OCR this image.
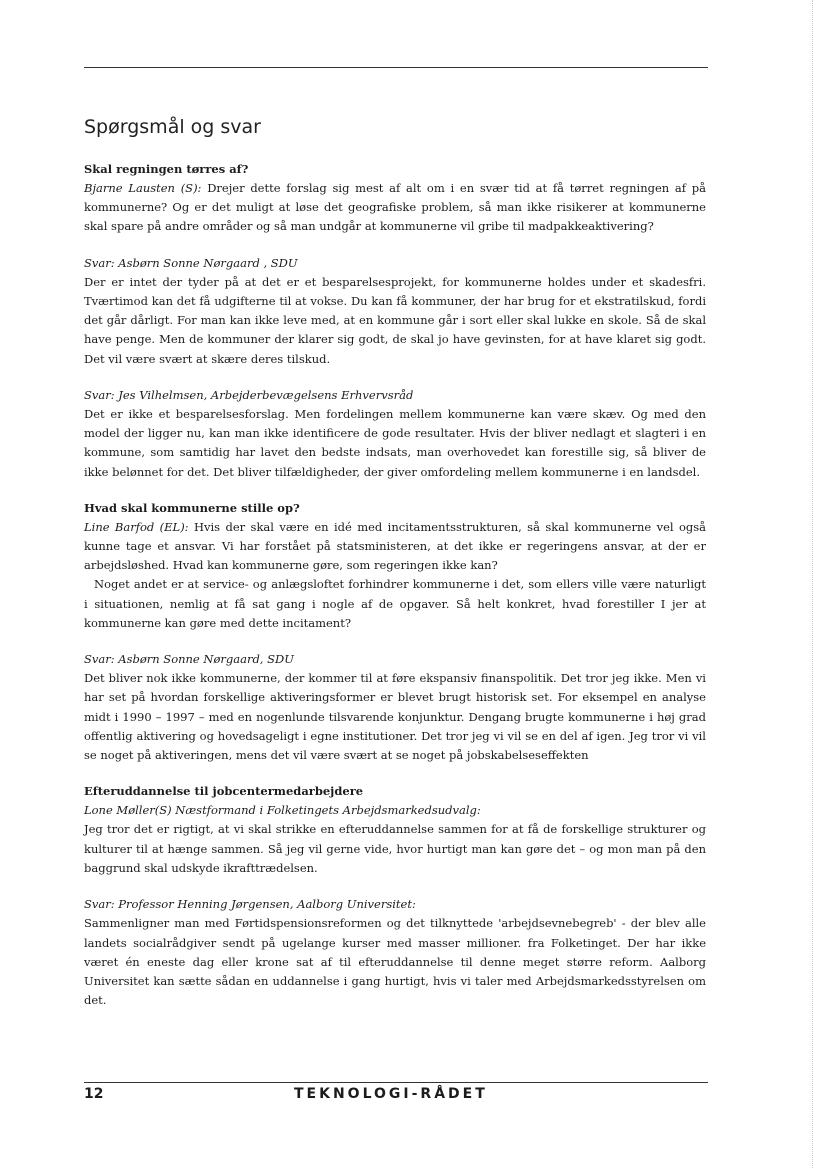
Spørgsmål og svar

Skal regningen tørres af?

Bjarne Lausten (S): Drejer dette forslag sig mest af alt om i en svær tid at få tørret regningen af på kommunerne? Og er det muligt at løse det geografiske problem, så man ikke risikerer at kommunerne skal spare på andre områder og så man undgår at kommunerne vil gribe til madpakkeaktivering?

Svar: Asbørn Sonne Nørgaard , SDU

Der er intet der tyder på at det er et besparelsesprojekt, for kommunerne holdes under et skadesfri. Tværtimod kan det få udgifterne til at vokse. Du kan få kommuner, der har brug for et ekstratilskud, fordi det går dårligt. For man kan ikke leve med, at en kommune går i sort eller skal lukke en skole. Så de skal have penge. Men de kommuner der klarer sig godt, de skal jo have gevinsten, for at have klaret sig godt. Det vil være svært at skære deres tilskud.

Svar: Jes Vilhelmsen, Arbejderbevægelsens Erhvervsråd

Det er ikke et besparelsesforslag. Men fordelingen mellem kommunerne kan være skæv. Og med den model der ligger nu, kan man ikke identificere de gode resultater. Hvis der bliver nedlagt et slagteri i en kommune, som samtidig har lavet den bedste indsats, man overhovedet kan forestille sig, så bliver de ikke belønnet for det. Det bliver tilfældigheder, der giver omfordeling mellem kommunerne i en landsdel.

Hvad skal kommunerne stille op?

Line Barfod (EL): Hvis der skal være en idé med incitamentsstrukturen, så skal kommunerne vel også kunne tage et ansvar. Vi har forstået på statsministeren, at det ikke er regeringens ansvar, at der er arbejdsløshed. Hvad kan kommunerne gøre, som regeringen ikke kan?

Noget andet er at service- og anlægsloftet forhindrer kommunerne i det, som ellers ville være naturligt i situationen, nemlig at få sat gang i nogle af de opgaver. Så helt konkret, hvad forestiller I jer at kommunerne kan gøre med dette incitament?

Svar: Asbørn Sonne Nørgaard, SDU

Det bliver nok ikke kommunerne, der kommer til at føre ekspansiv finanspolitik. Det tror jeg ikke. Men vi har set på hvordan forskellige aktiveringsformer er blevet brugt historisk set. For eksempel en analyse midt i 1990 – 1997 – med en nogenlunde tilsvarende konjunktur. Dengang brugte kommunerne i høj grad offentlig aktivering og hovedsageligt i egne institutioner. Det tror jeg vi vil se en del af igen. Jeg tror vi vil se noget på aktiveringen, mens det vil være svært at se noget på jobskabelseseffekten

Efteruddannelse til jobcentermedarbejdere

Lone Møller(S) Næstformand i Folketingets Arbejdsmarkedsudvalg:

Jeg tror det er rigtigt, at vi skal strikke en efteruddannelse sammen for at få de forskellige strukturer og kulturer til at hænge sammen. Så jeg vil gerne vide, hvor hurtigt man kan gøre det – og mon man på den baggrund skal udskyde ikrafttrædelsen.

Svar: Professor Henning Jørgensen, Aalborg Universitet:

Sammenligner man med Førtidspensionsreformen og det tilknyttede 'arbejdsevnebegreb' - der blev alle landets socialrådgiver sendt på ugelange kurser med masser millioner. fra Folketinget. Der har ikke været én eneste dag eller krone sat af til efteruddannelse til denne meget større reform. Aalborg Universitet kan sætte sådan en uddannelse i gang hurtigt, hvis vi taler med Arbejdsmarkedsstyrelsen om det.

12	TEKNOLOGI-RÅDET
